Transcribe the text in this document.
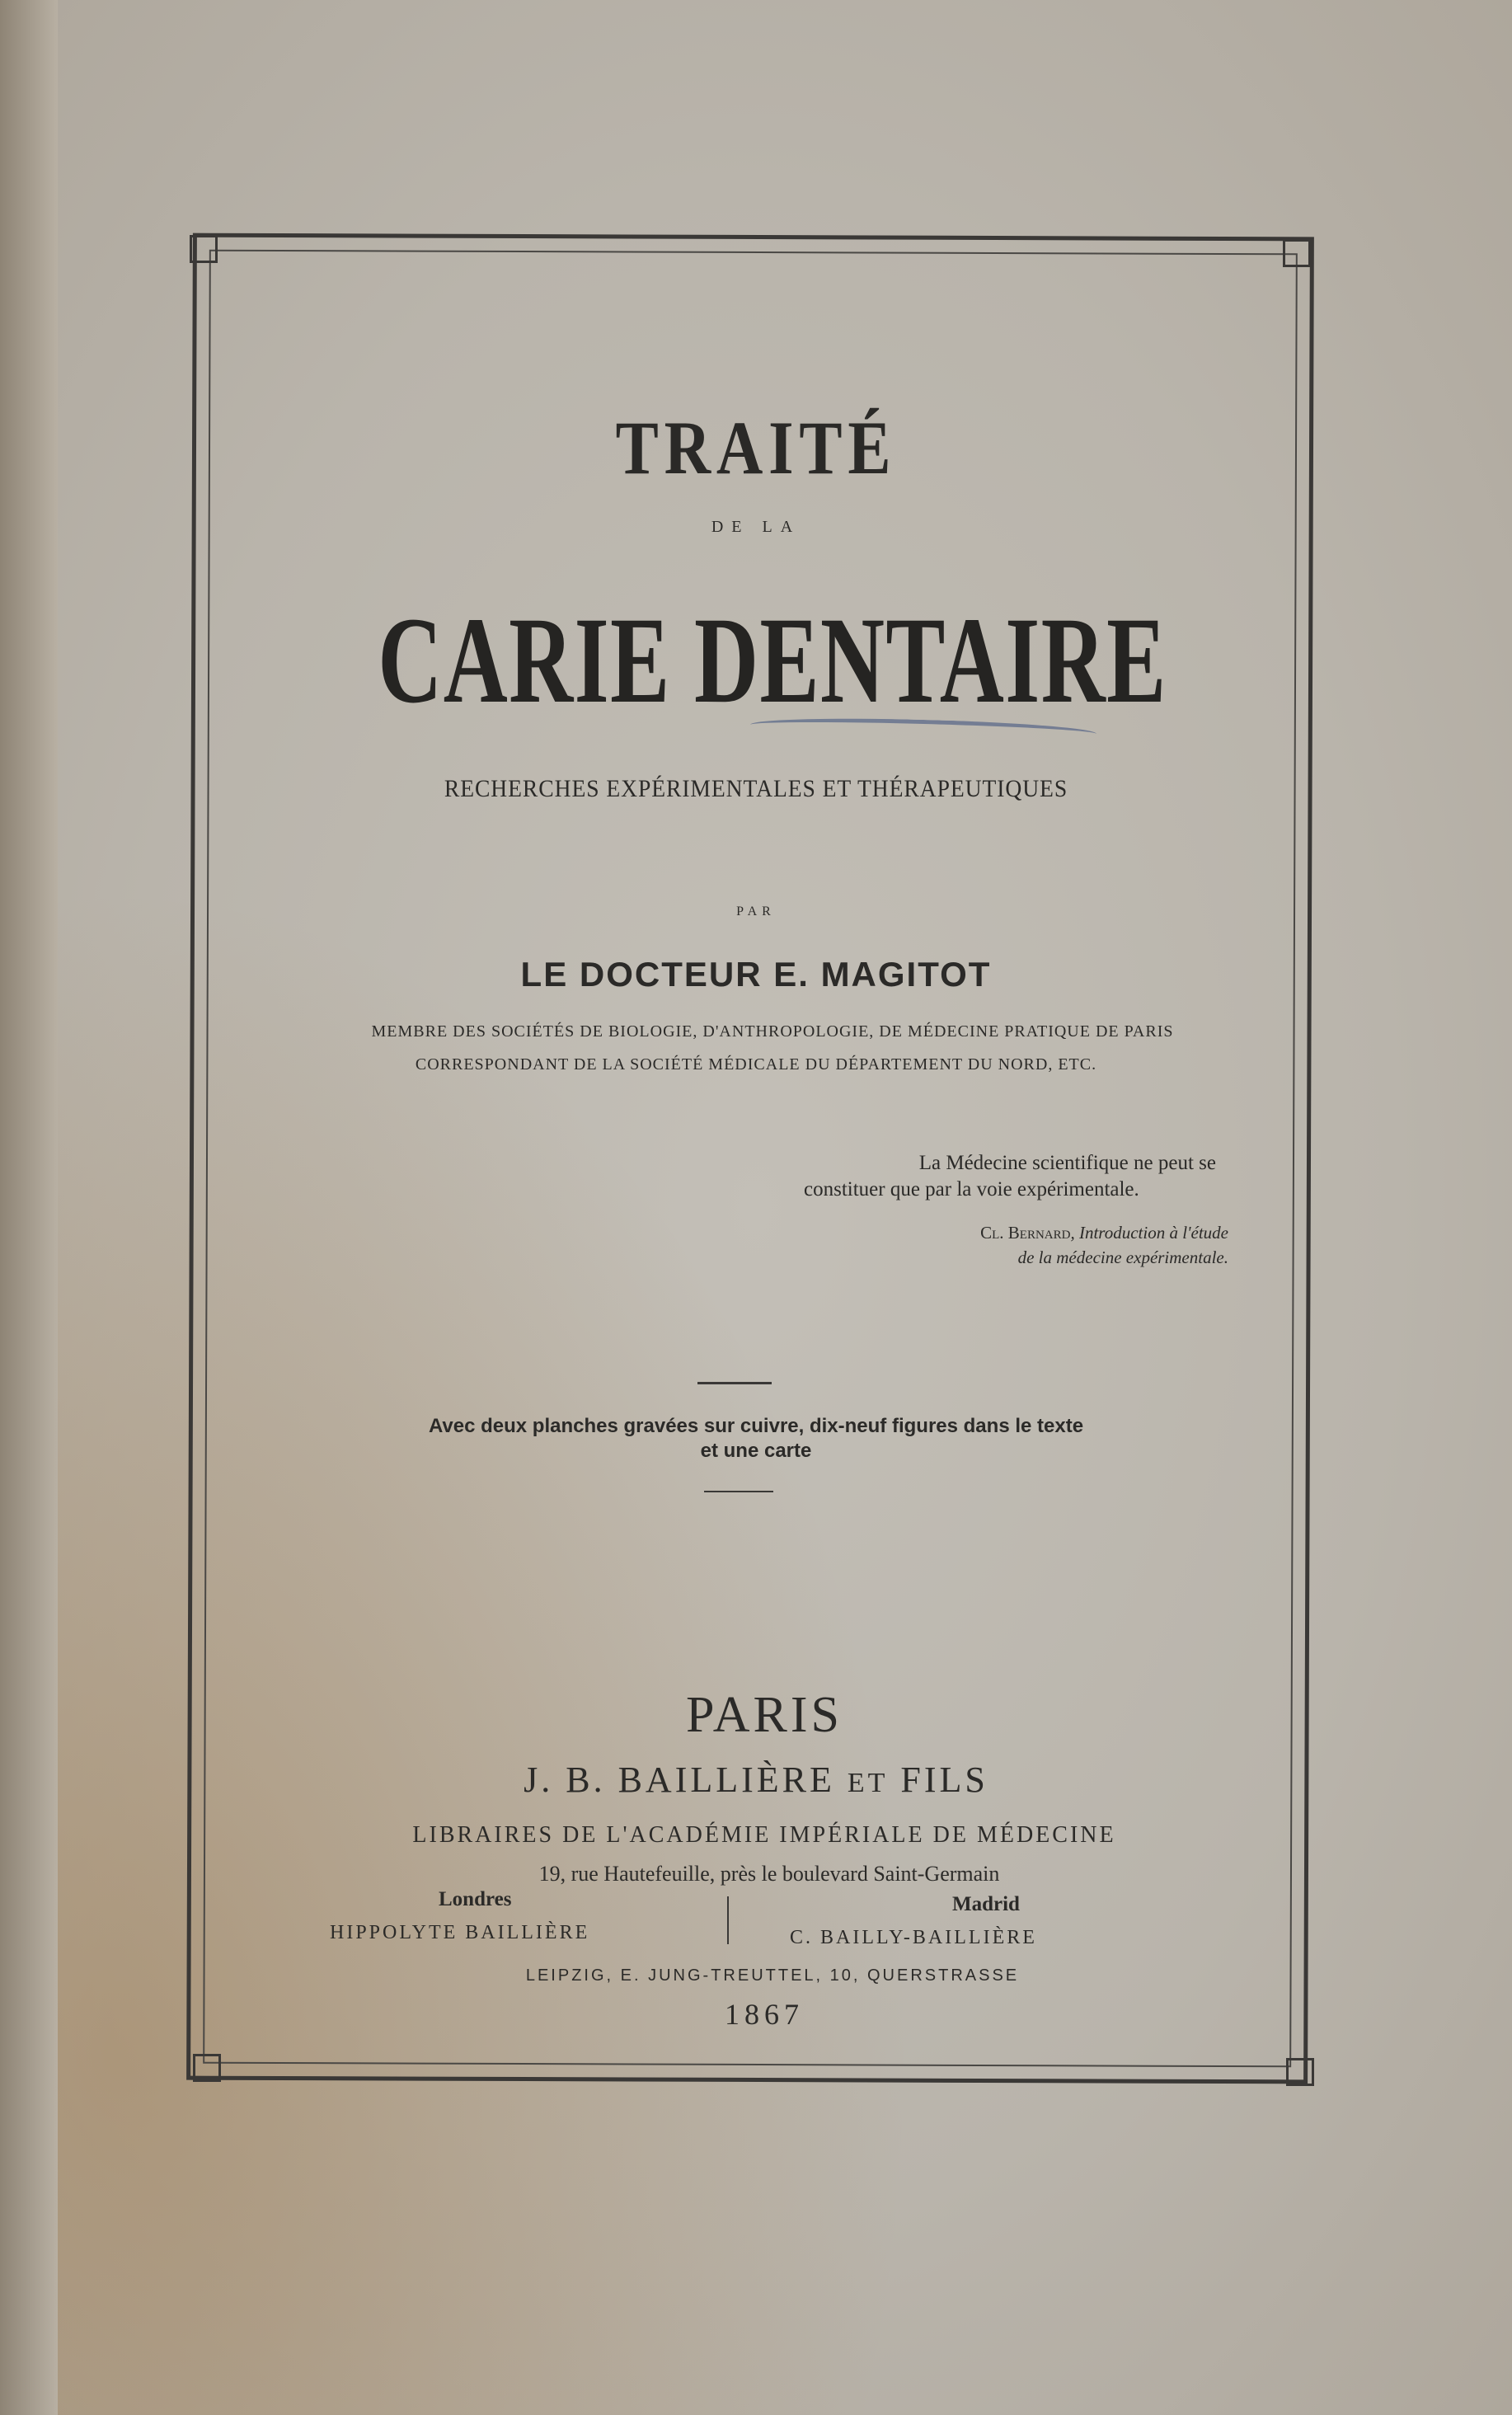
TRAITÉ
DE LA
CARIE DENTAIRE
RECHERCHES EXPÉRIMENTALES ET THÉRAPEUTIQUES
PAR
LE DOCTEUR E. MAGITOT
MEMBRE DES SOCIÉTÉS DE BIOLOGIE, D'ANTHROPOLOGIE, DE MÉDECINE PRATIQUE DE PARIS
CORRESPONDANT DE LA SOCIÉTÉ MÉDICALE DU DÉPARTEMENT DU NORD, ETC.
La Médecine scientifique ne peut se
constituer que par la voie expérimentale.
Cl. Bernard, Introduction à l'étude
de la médecine expérimentale.
Avec deux planches gravées sur cuivre, dix-neuf figures dans le texte
et une carte
PARIS
J. B. BAILLIÈRE ET FILS
LIBRAIRES DE L'ACADÉMIE IMPÉRIALE DE MÉDECINE
19, rue Hautefeuille, près le boulevard Saint-Germain
Londres
HIPPOLYTE BAILLIÈRE
Madrid
C. BAILLY-BAILLIÈRE
LEIPZIG, E. JUNG-TREUTTEL, 10, QUERSTRASSE
1867
